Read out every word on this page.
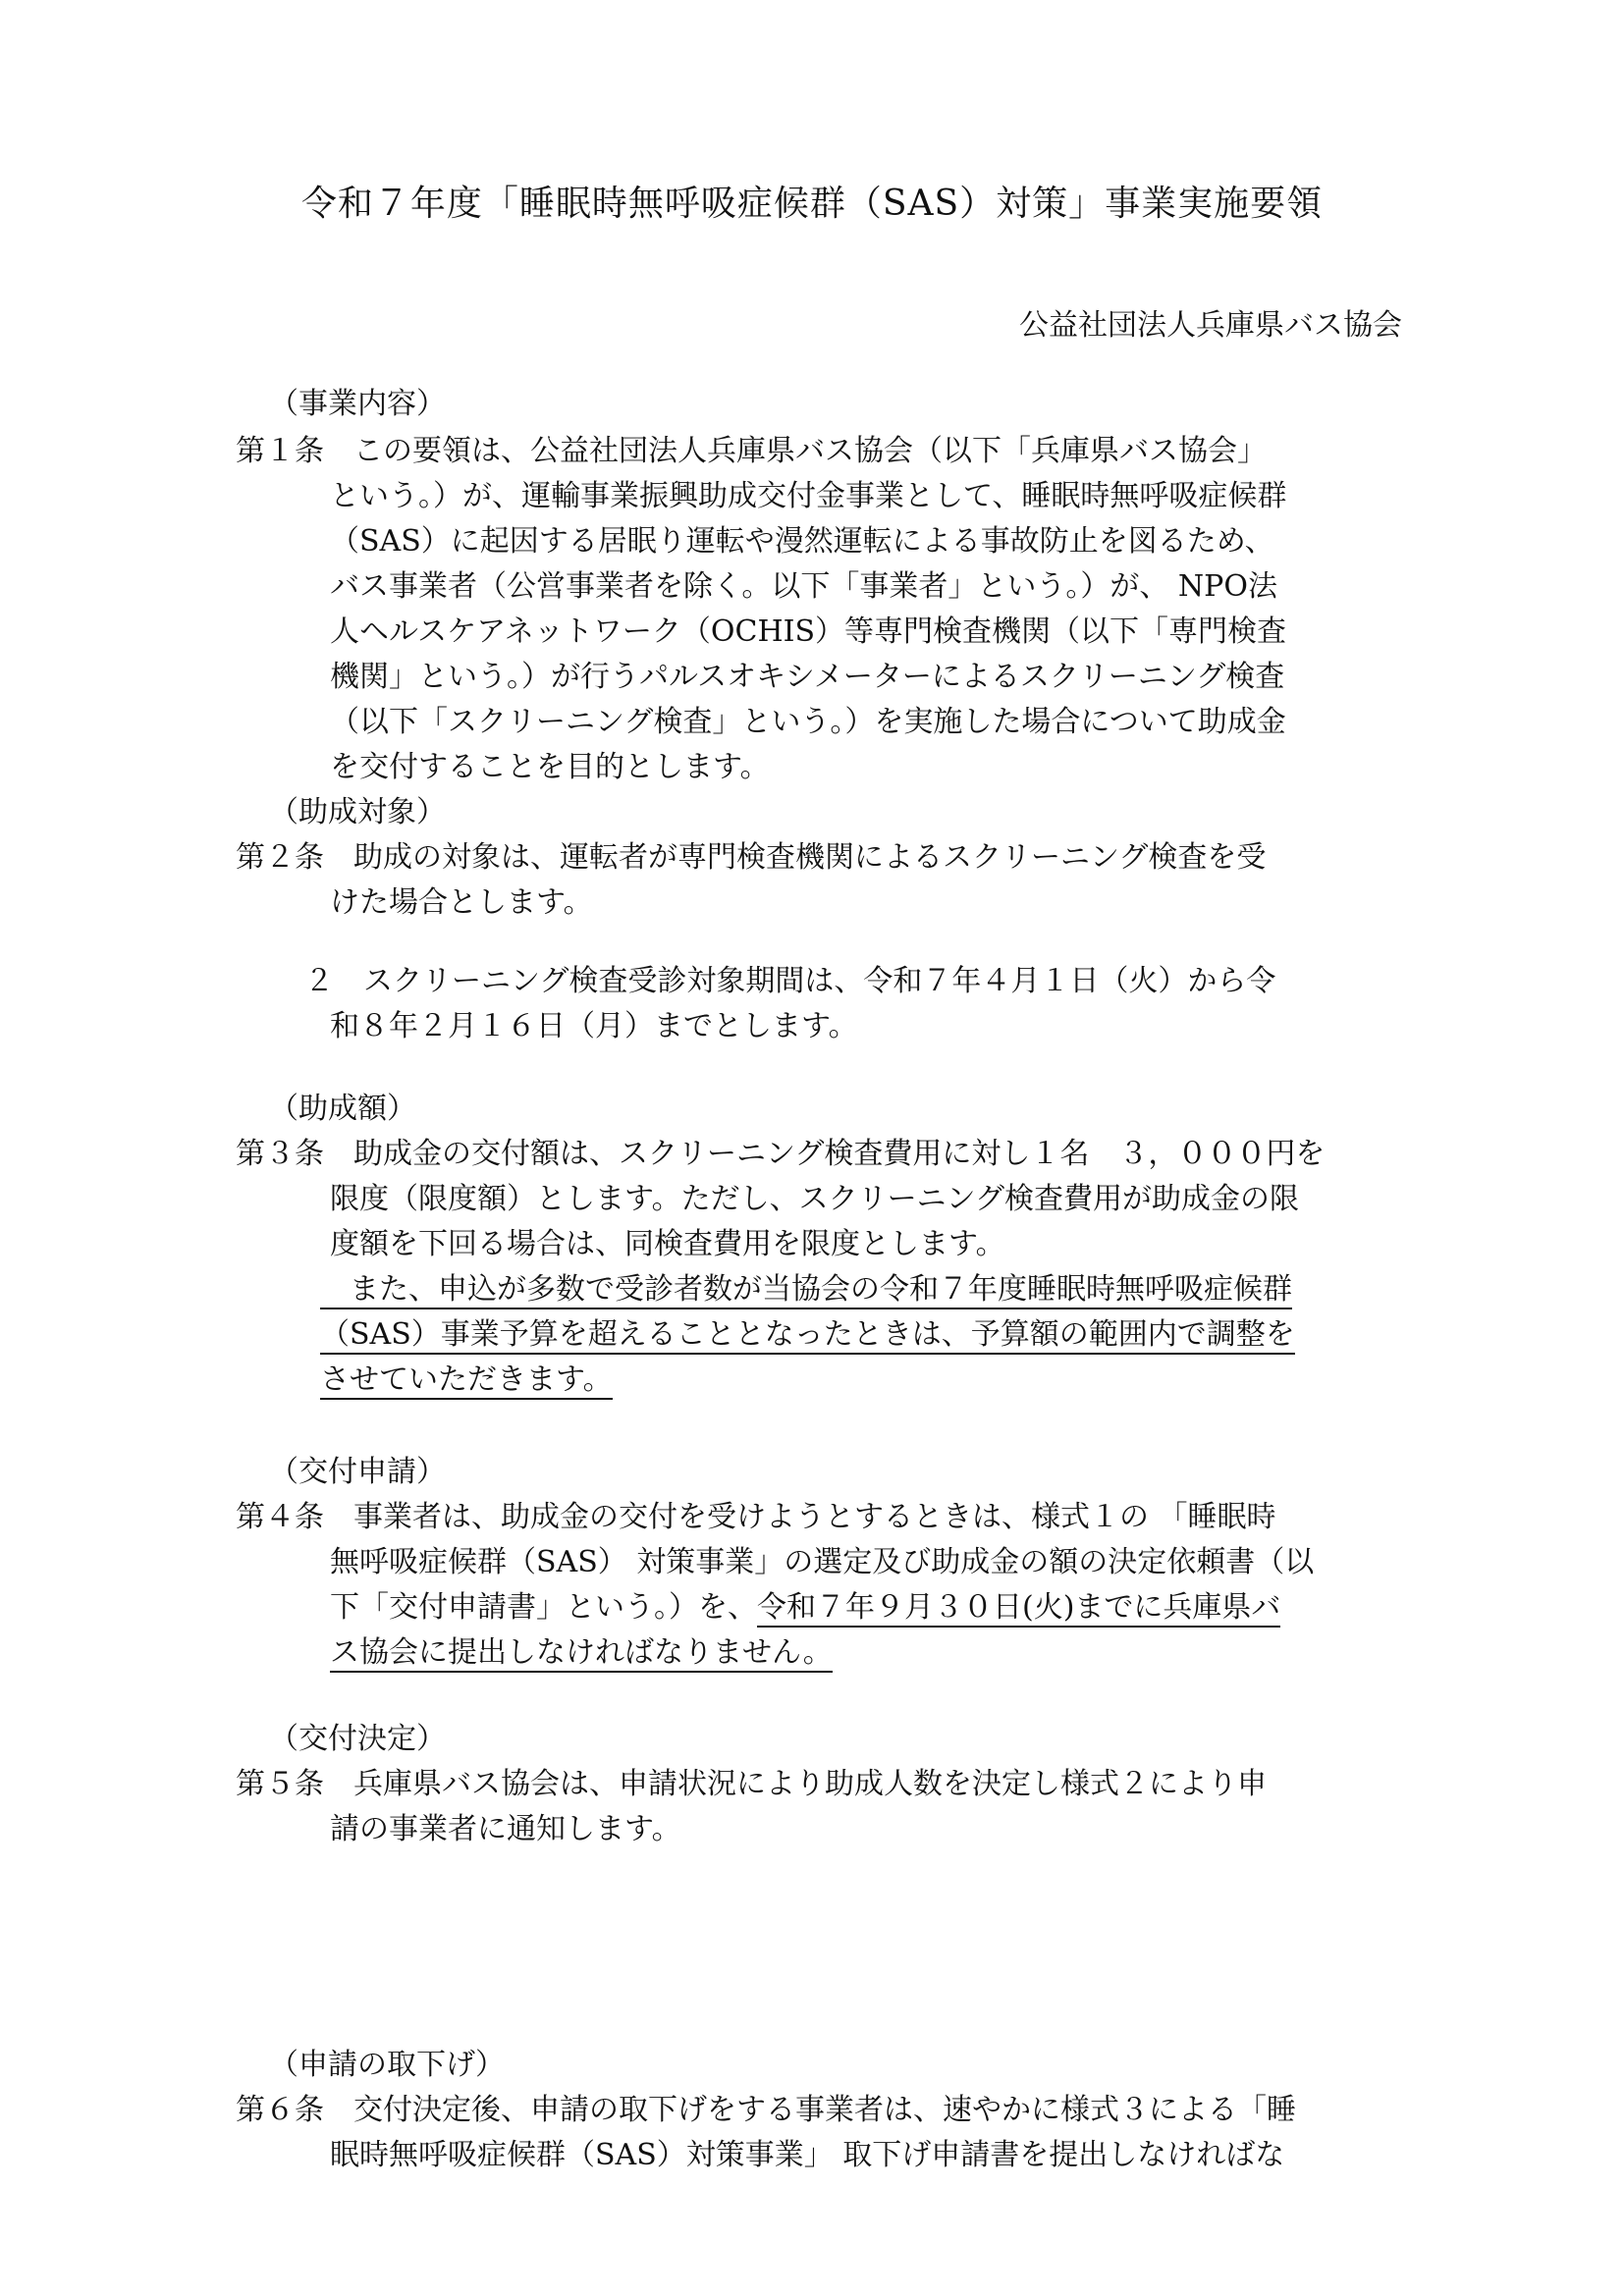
令和７年度「睡眠時無呼吸症候群（SAS）対策」事業実施要領
公益社団法人兵庫県バス協会
（事業内容）
第１条　この要領は、公益社団法人兵庫県バス協会（以下「兵庫県バス協会」
という。）が、運輸事業振興助成交付金事業として、睡眠時無呼吸症候群
（SAS）に起因する居眠り運転や漫然運転による事故防止を図るため、
バス事業者（公営事業者を除く。以下「事業者」という。）が、 NPO法
人ヘルスケアネットワーク（OCHIS）等専門検査機関（以下「専門検査
機関」という。）が行うパルスオキシメーターによるスクリーニング検査
（以下「スクリーニング検査」という。）を実施した場合について助成金
を交付することを目的とします。
（助成対象）
第２条　助成の対象は、運転者が専門検査機関によるスクリーニング検査を受
けた場合とします。
２　スクリーニング検査受診対象期間は、令和７年４月１日（火）から令
和８年２月１６日（月）までとします。
（助成額）
第３条　助成金の交付額は、スクリーニング検査費用に対し１名　３，０００円を
限度（限度額）とします。ただし、スクリーニング検査費用が助成金の限
度額を下回る場合は、同検査費用を限度とします。
　また、申込が多数で受診者数が当協会の令和７年度睡眠時無呼吸症候群
（SAS）事業予算を超えることとなったときは、予算額の範囲内で調整を
させていただきます。
（交付申請）
第４条　事業者は、助成金の交付を受けようとするときは、様式１の 「睡眠時
無呼吸症候群（SAS） 対策事業」の選定及び助成金の額の決定依頼書（以
下「交付申請書」という。）を、令和７年９月３０日(火)までに兵庫県バ
ス協会に提出しなければなりません。
（交付決定）
第５条　兵庫県バス協会は、申請状況により助成人数を決定し様式２により申
請の事業者に通知します。
（申請の取下げ）
第６条　交付決定後、申請の取下げをする事業者は、速やかに様式３による「睡
眠時無呼吸症候群（SAS）対策事業」 取下げ申請書を提出しなければな
